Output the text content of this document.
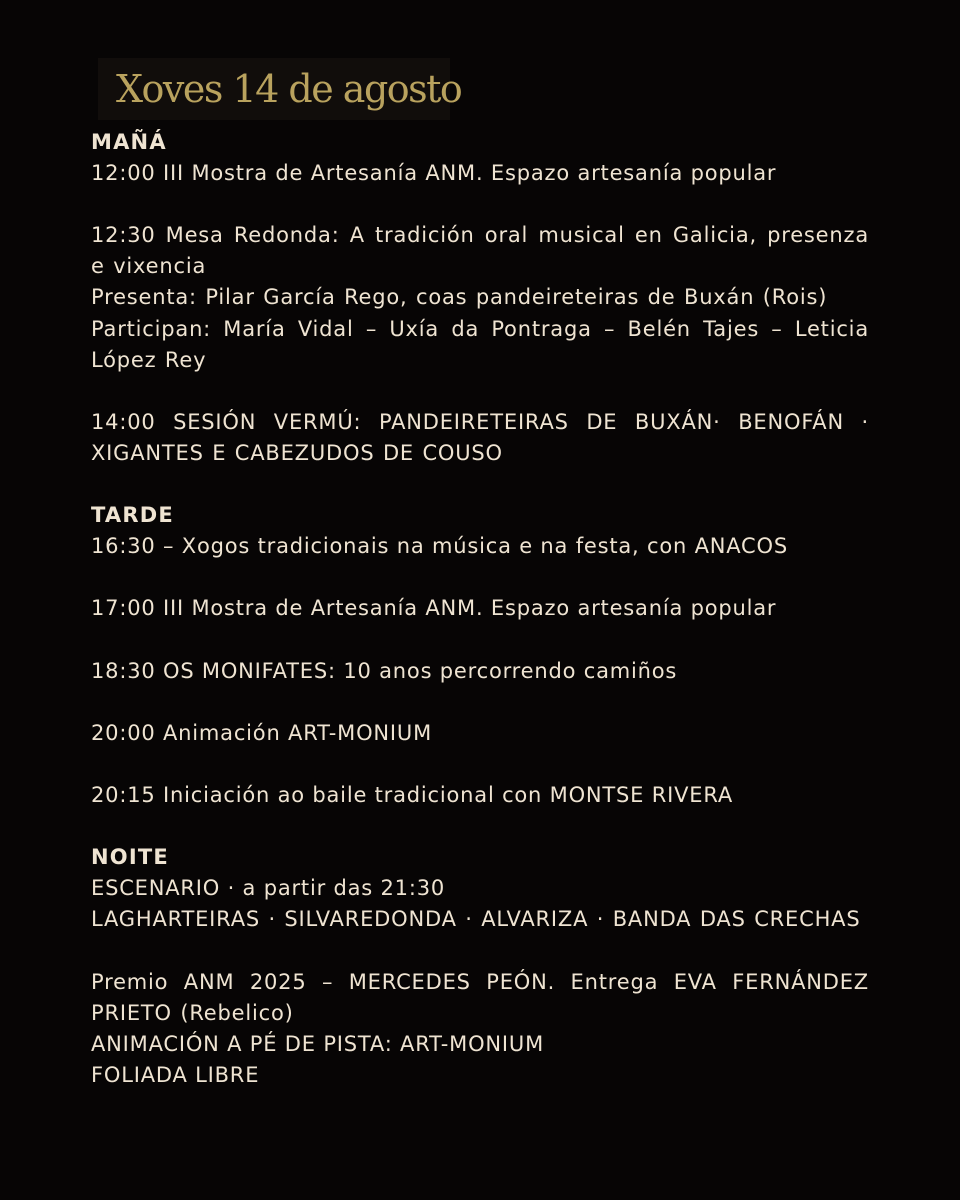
Xoves 14 de agosto
MAÑÁ
12:00 III Mostra de Artesanía ANM. Espazo artesanía popular
12:30 Mesa Redonda: A tradición oral musical en Galicia, presenza e vixencia
Presenta: Pilar García Rego, coas pandeireteiras de Buxán (Rois)
Participan: María Vidal – Uxía da Pontraga – Belén Tajes – Leticia López Rey
14:00 SESIÓN VERMÚ: PANDEIRETEIRAS DE BUXÁN· BENOFÁN · XIGANTES E CABEZUDOS DE COUSO
TARDE
16:30 – Xogos tradicionais na música e na festa, con ANACOS
17:00 III Mostra de Artesanía ANM. Espazo artesanía popular
18:30 OS MONIFATES: 10 anos percorrendo camiños
20:00 Animación ART-MONIUM
20:15 Iniciación ao baile tradicional con MONTSE RIVERA
NOITE
ESCENARIO · a partir das 21:30
LAGHARTEIRAS · SILVAREDONDA · ALVARIZA · BANDA DAS CRECHAS
Premio ANM 2025 – MERCEDES PEÓN. Entrega EVA FERNÁNDEZ PRIETO (Rebelico)
ANIMACIÓN A PÉ DE PISTA: ART-MONIUM
FOLIADA LIBRE
